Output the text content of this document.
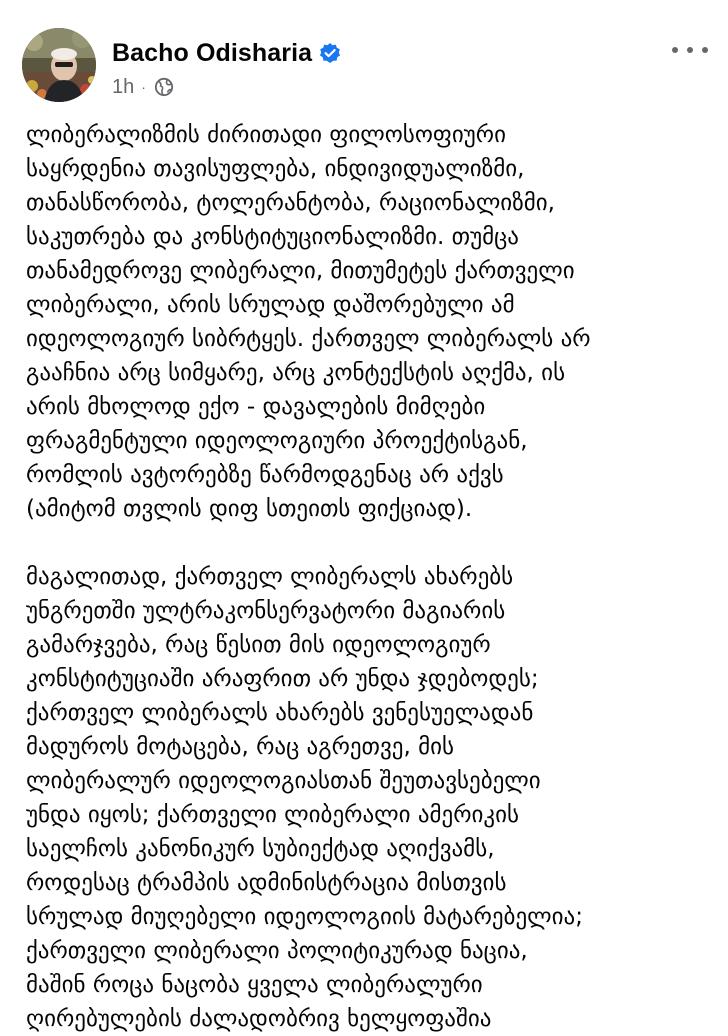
Bacho Odisharia
1h ·

ლიბერალიზმის ძირითადი ფილოსოფიური
საყრდენია თავისუფლება, ინდივიდუალიზმი,
თანასწორობა, ტოლერანტობა, რაციონალიზმი,
საკუთრება და კონსტიტუციონალიზმი. თუმცა
თანამედროვე ლიბერალი, მითუმეტეს ქართველი
ლიბერალი, არის სრულად დაშორებული ამ
იდეოლოგიურ სიბრტყეს. ქართველ ლიბერალს არ
გააჩნია არც სიმყარე, არც კონტექსტის აღქმა, ის
არის მხოლოდ ექო - დავალების მიმღები
ფრაგმენტული იდეოლოგიური პროექტისგან,
რომლის ავტორებზე წარმოდგენაც არ აქვს
(ამიტომ თვლის დიფ სთეითს ფიქციად).

მაგალითად, ქართველ ლიბერალს ახარებს
უნგრეთში ულტრაკონსერვატორი მაგიარის
გამარჯვება, რაც წესით მის იდეოლოგიურ
კონსტიტუციაში არაფრით არ უნდა ჯდებოდეს;
ქართველ ლიბერალს ახარებს ვენესუელადან
მადუროს მოტაცება, რაც აგრეთვე, მის
ლიბერალურ იდეოლოგიასთან შეუთავსებელი
უნდა იყოს; ქართველი ლიბერალი ამერიკის
საელჩოს კანონიკურ სუბიექტად აღიქვამს,
როდესაც ტრამპის ადმინისტრაცია მისთვის
სრულად მიუღებელი იდეოლოგიის მატარებელია;
ქართველი ლიბერალი პოლიტიკურად ნაცია,
მაშინ როცა ნაცობა ყველა ლიბერალური
ღირებულების ძალადობრივ ხელყოფაშია
